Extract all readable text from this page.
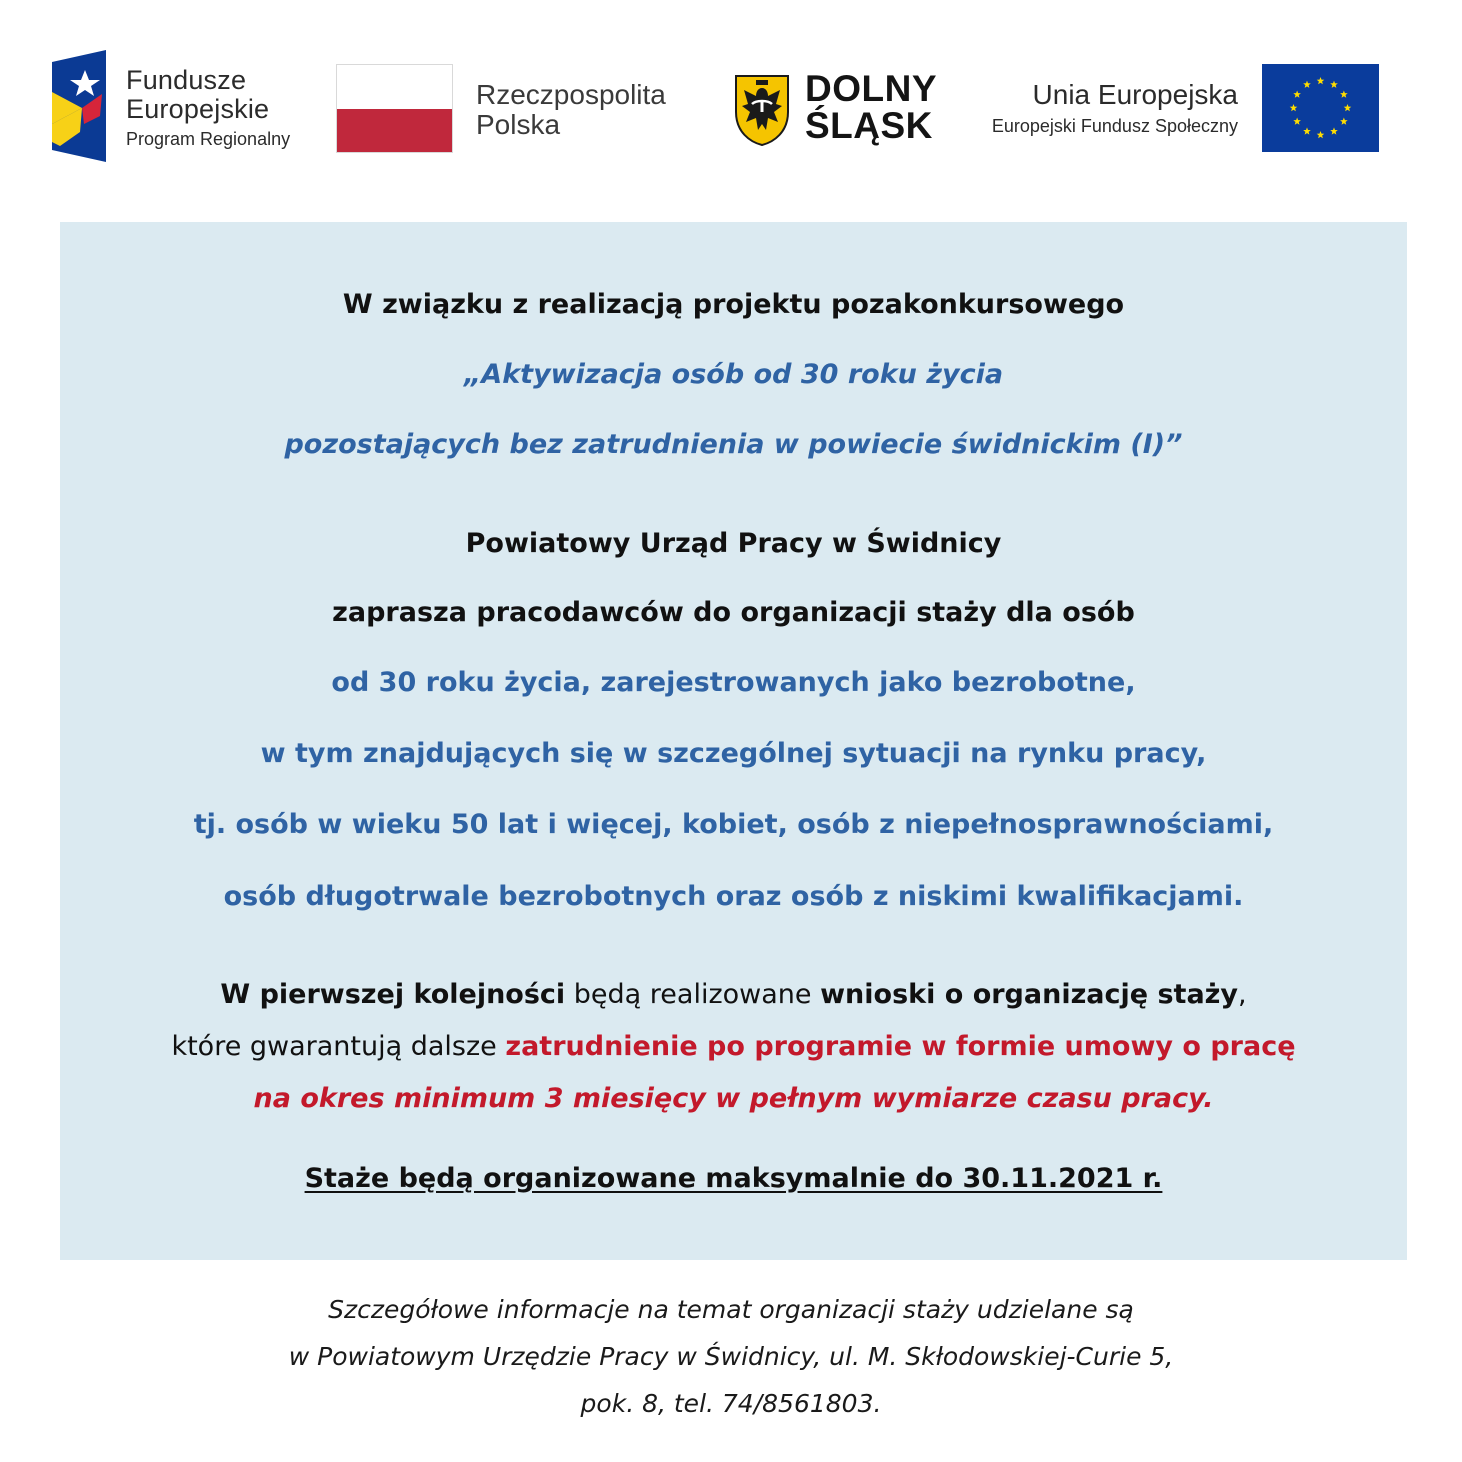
Fundusze
Europejskie
Program Regionalny
Rzeczpospolita
Polska
DOLNY
ŚLĄSK
Unia Europejska
Europejski Fundusz Społeczny
W związku z realizacją projektu pozakonkursowego
„Aktywizacja osób od 30 roku życia
pozostających bez zatrudnienia w powiecie świdnickim (I)”
Powiatowy Urząd Pracy w Świdnicy
zaprasza pracodawców do organizacji staży dla osób
od 30 roku życia, zarejestrowanych jako bezrobotne,
w tym znajdujących się w szczególnej sytuacji na rynku pracy,
tj. osób w wieku 50 lat i więcej, kobiet, osób z niepełnosprawnościami,
osób długotrwale bezrobotnych oraz osób z niskimi kwalifikacjami.
W pierwszej kolejności będą realizowane wnioski o organizację staży,
które gwarantują dalsze zatrudnienie po programie w formie umowy o pracę
na okres minimum 3 miesięcy w pełnym wymiarze czasu pracy.
Staże będą organizowane maksymalnie do 30.11.2021 r.
Szczegółowe informacje na temat organizacji staży udzielane są
w Powiatowym Urzędzie Pracy w Świdnicy, ul. M. Skłodowskiej-Curie 5,
pok. 8, tel. 74/8561803.
